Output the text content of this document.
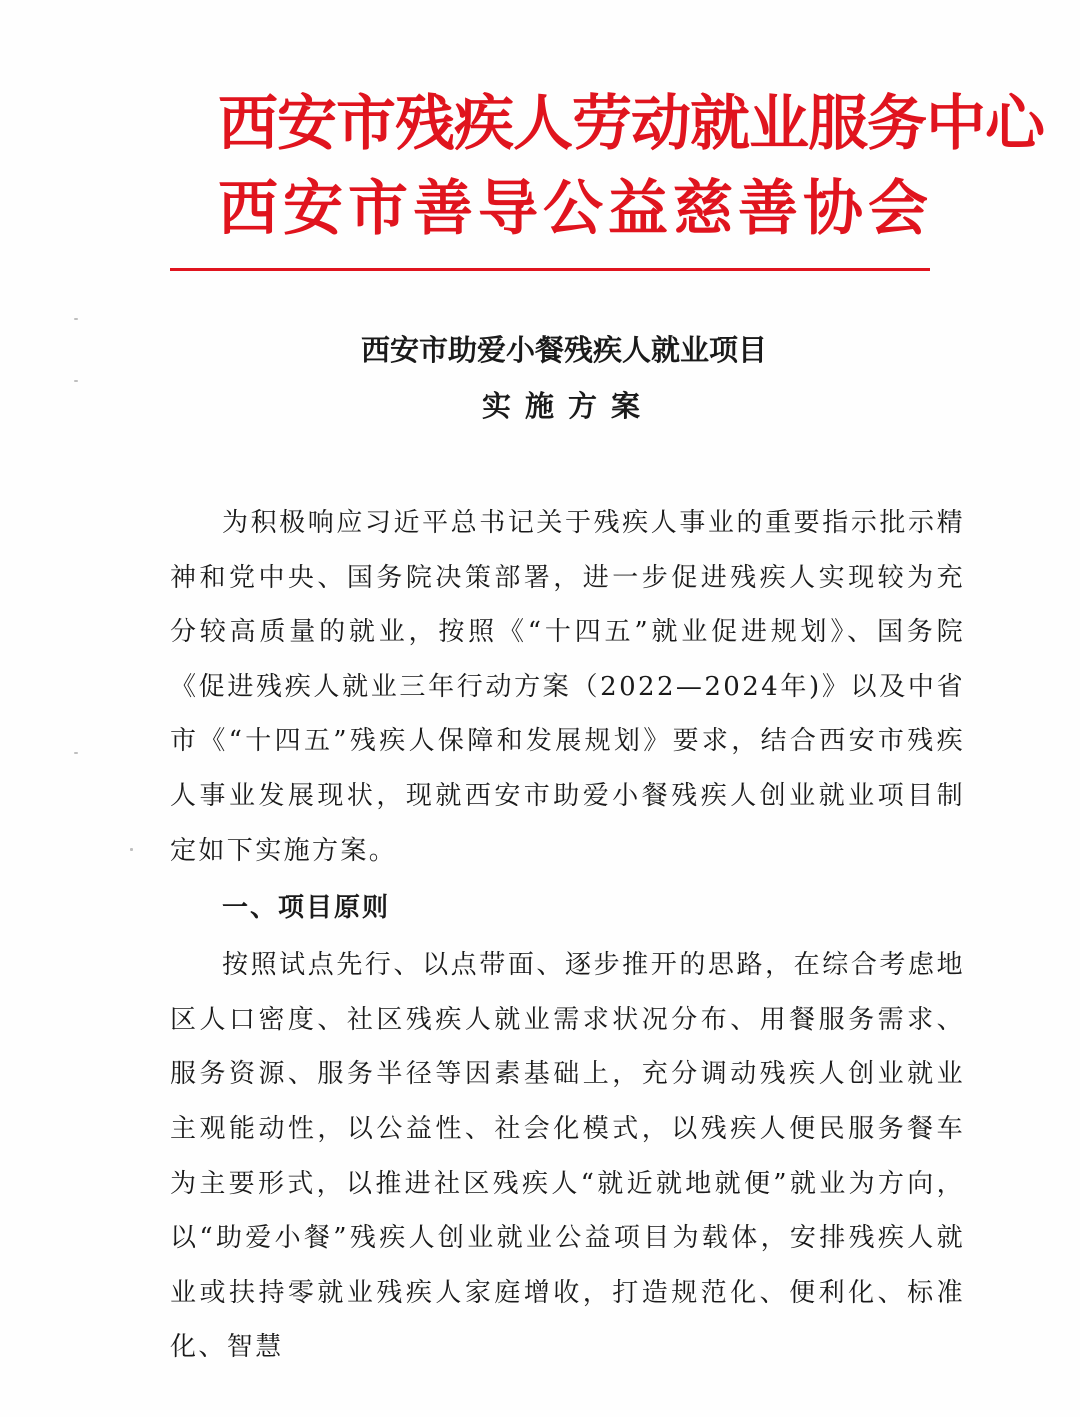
西安市残疾人劳动就业服务中心
西安市善导公益慈善协会
西安市助爱小餐残疾人就业项目
实施方案

为积极响应习近平总书记关于残疾人事业的重要指示批示精神和党中央、国务院决策部署，进一步促进残疾人实现较为充分较高质量的就业，按照《“十四五”就业促进规划》、国务院《促进残疾人就业三年行动方案（2022—2024年)》以及中省市《“十四五”残疾人保障和发展规划》要求，结合西安市残疾人事业发展现状，现就西安市助爱小餐残疾人创业就业项目制定如下实施方案。

一、项目原则

按照试点先行、以点带面、逐步推开的思路，在综合考虑地区人口密度、社区残疾人就业需求状况分布、用餐服务需求、服务资源、服务半径等因素基础上，充分调动残疾人创业就业主观能动性，以公益性、社会化模式，以残疾人便民服务餐车为主要形式，以推进社区残疾人“就近就地就便”就业为方向，以“助爱小餐”残疾人创业就业公益项目为载体，安排残疾人就业或扶持零就业残疾人家庭增收，打造规范化、便利化、标准化、智慧
